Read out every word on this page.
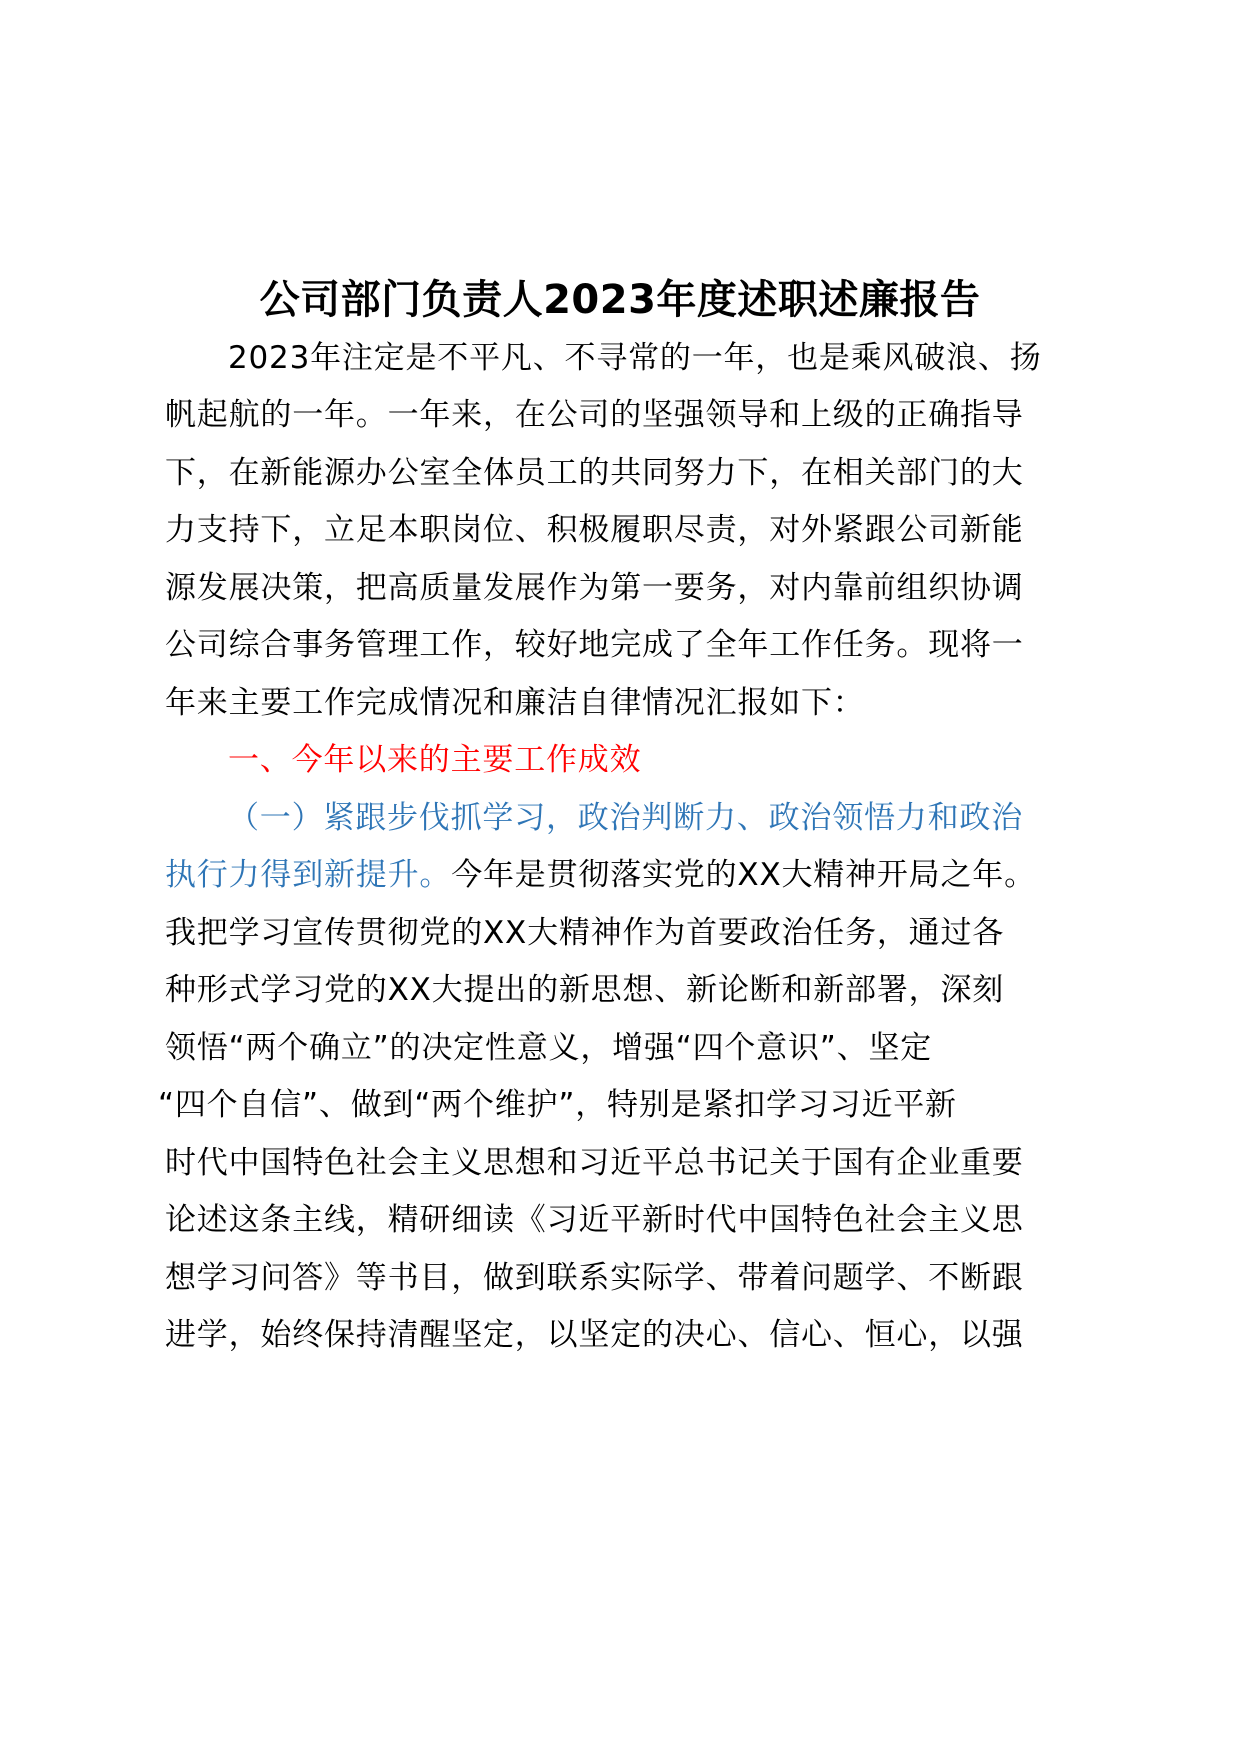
公司部门负责人2023年度述职述廉报告
2023年注定是不平凡、不寻常的一年，也是乘风破浪、扬
帆起航的一年。一年来，在公司的坚强领导和上级的正确指导
下，在新能源办公室全体员工的共同努力下，在相关部门的大
力支持下，立足本职岗位、积极履职尽责，对外紧跟公司新能
源发展决策，把高质量发展作为第一要务，对内靠前组织协调
公司综合事务管理工作，较好地完成了全年工作任务。现将一
年来主要工作完成情况和廉洁自律情况汇报如下：
一、今年以来的主要工作成效
（一）紧跟步伐抓学习，政治判断力、政治领悟力和政治
执行力得到新提升。今年是贯彻落实党的XX大精神开局之年。
我把学习宣传贯彻党的XX大精神作为首要政治任务，通过各
种形式学习党的XX大提出的新思想、新论断和新部署，深刻
领悟“两个确立”的决定性意义，增强“四个意识”、坚定
“四个自信”、做到“两个维护”，特别是紧扣学习习近平新
时代中国特色社会主义思想和习近平总书记关于国有企业重要
论述这条主线，精研细读《习近平新时代中国特色社会主义思
想学习问答》等书目，做到联系实际学、带着问题学、不断跟
进学，始终保持清醒坚定，以坚定的决心、信心、恒心，以强
